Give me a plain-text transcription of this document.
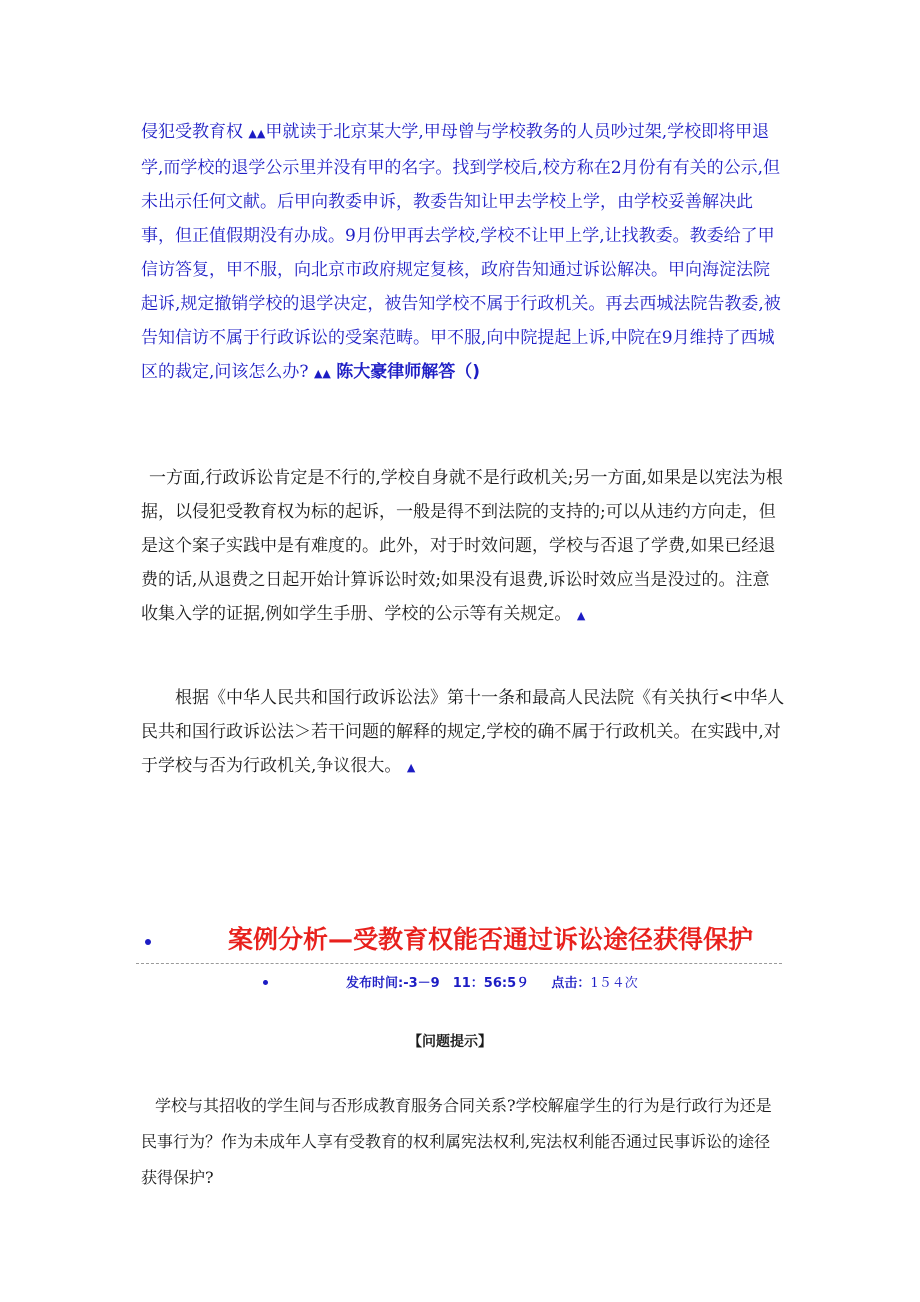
侵犯受教育权 ▲▲甲就读于北京某大学,甲母曾与学校教务的人员吵过架,学校即将甲退学,而学校的退学公示里并没有甲的名字。找到学校后,校方称在2月份有有关的公示,但未出示任何文献。后甲向教委申诉，教委告知让甲去学校上学，由学校妥善解决此事，但正值假期没有办成。9月份甲再去学校,学校不让甲上学,让找教委。教委给了甲信访答复，甲不服，向北京市政府规定复核，政府告知通过诉讼解决。甲向海淀法院起诉,规定撤销学校的退学决定，被告知学校不属于行政机关。再去西城法院告教委,被告知信访不属于行政诉讼的受案范畴。甲不服,向中院提起上诉,中院在9月维持了西城区的裁定,问该怎么办? ▲▲ 陈大豪律师解答（)
一方面,行政诉讼肯定是不行的,学校自身就不是行政机关;另一方面,如果是以宪法为根据，以侵犯受教育权为标的起诉，一般是得不到法院的支持的;可以从违约方向走，但是这个案子实践中是有难度的。此外，对于时效问题，学校与否退了学费,如果已经退费的话,从退费之日起开始计算诉讼时效;如果没有退费,诉讼时效应当是没过的。注意收集入学的证据,例如学生手册、学校的公示等有关规定。 ▲
根据《中华人民共和国行政诉讼法》第十一条和最高人民法院《有关执行<中华人民共和国行政诉讼法＞若干问题的解释的规定,学校的确不属于行政机关。在实践中,对于学校与否为行政机关,争议很大。 ▲
案例分析—受教育权能否通过诉讼途径获得保护
发布时间:-3－9　11：56:5９ 点击：1５４次
【问题提示】
学校与其招收的学生间与否形成教育服务合同关系?学校解雇学生的行为是行政行为还是民事行为？作为未成年人享有受教育的权利属宪法权利,宪法权利能否通过民事诉讼的途径获得保护?
